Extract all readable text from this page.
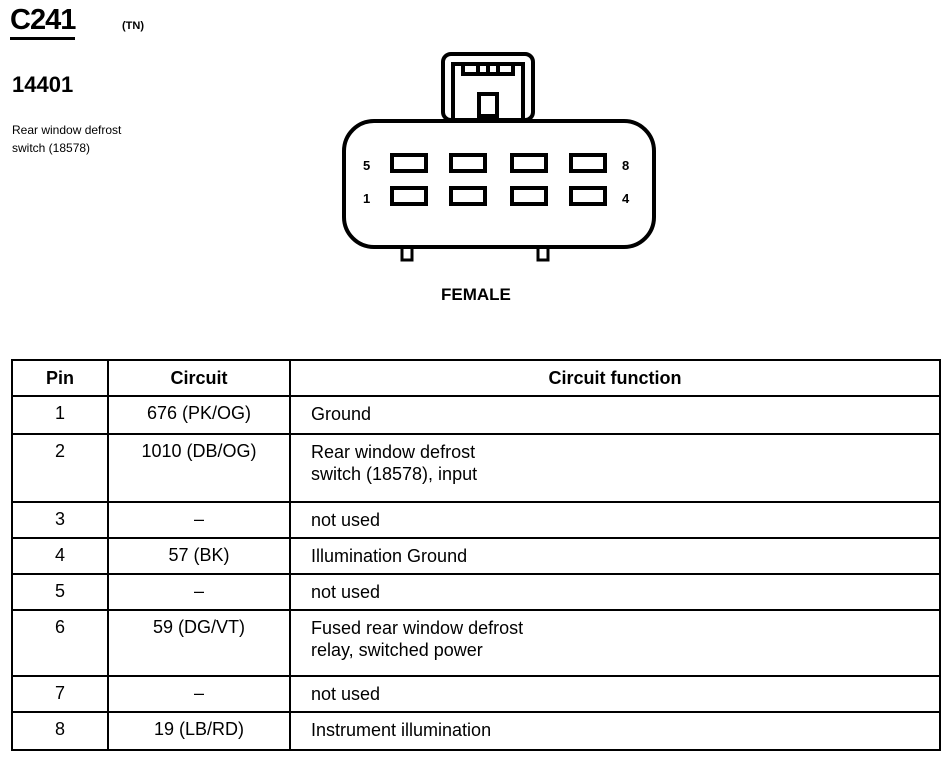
C241	(TN)
14401
Rear window defrost
switch (18578)
5	8
1	4
FEMALE
Pin	Circuit	Circuit function
1	676 (PK/OG)	Ground

2	1010 (DB/OG)	Rear window defrost
switch (18578), input

3	–	not used

4	57 (BK)	Illumination Ground

5	–	not used

6	59 (DG/VT)	Fused rear window defrost
relay, switched power

7	–	not used

8	19 (LB/RD)	Instrument illumination
